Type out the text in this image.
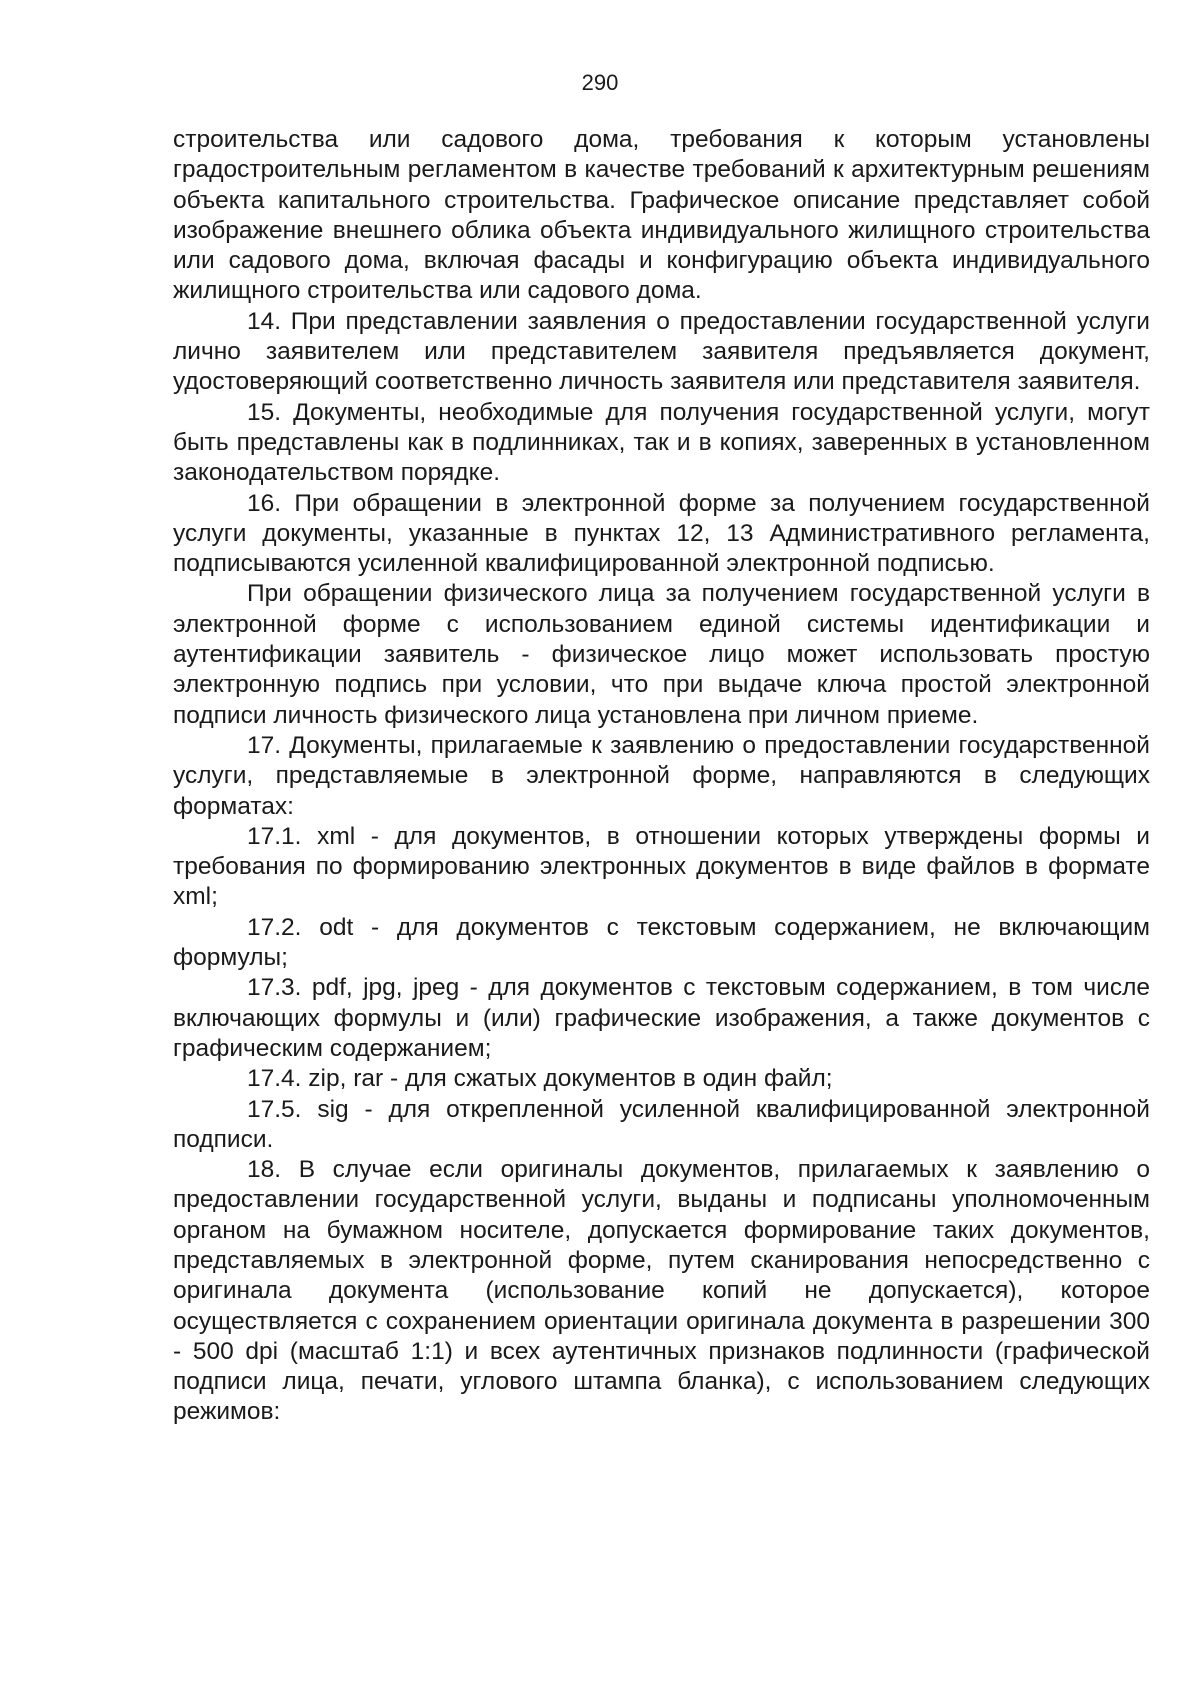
290

строительства или садового дома, требования к которым установлены градостроительным регламентом в качестве требований к архитектурным решениям объекта капитального строительства. Графическое описание представляет собой изображение внешнего облика объекта индивидуального жилищного строительства или садового дома, включая фасады и конфигурацию объекта индивидуального жилищного строительства или садового дома.

14. При представлении заявления о предоставлении государственной услуги лично заявителем или представителем заявителя предъявляется документ, удостоверяющий соответственно личность заявителя или представителя заявителя.

15. Документы, необходимые для получения государственной услуги, могут быть представлены как в подлинниках, так и в копиях, заверенных в установленном законодательством порядке.

16. При обращении в электронной форме за получением государственной услуги документы, указанные в пунктах 12, 13 Административного регламента, подписываются усиленной квалифицированной электронной подписью.

При обращении физического лица за получением государственной услуги в электронной форме с использованием единой системы идентификации и аутентификации заявитель - физическое лицо может использовать простую электронную подпись при условии, что при выдаче ключа простой электронной подписи личность физического лица установлена при личном приеме.

17. Документы, прилагаемые к заявлению о предоставлении государственной услуги, представляемые в электронной форме, направляются в следующих форматах:

17.1. xml - для документов, в отношении которых утверждены формы и требования по формированию электронных документов в виде файлов в формате xml;

17.2. odt - для документов с текстовым содержанием, не включающим формулы;

17.3. pdf, jpg, jpeg - для документов с текстовым содержанием, в том числе включающих формулы и (или) графические изображения, а также документов с графическим содержанием;

17.4. zip, rar - для сжатых документов в один файл;

17.5. sig - для открепленной усиленной квалифицированной электронной подписи.

18. В случае если оригиналы документов, прилагаемых к заявлению о предоставлении государственной услуги, выданы и подписаны уполномоченным органом на бумажном носителе, допускается формирование таких документов, представляемых в электронной форме, путем сканирования непосредственно с оригинала документа (использование копий не допускается), которое осуществляется с сохранением ориентации оригинала документа в разрешении 300 - 500 dpi (масштаб 1:1) и всех аутентичных признаков подлинности (графической подписи лица, печати, углового штампа бланка), с использованием следующих режимов:
